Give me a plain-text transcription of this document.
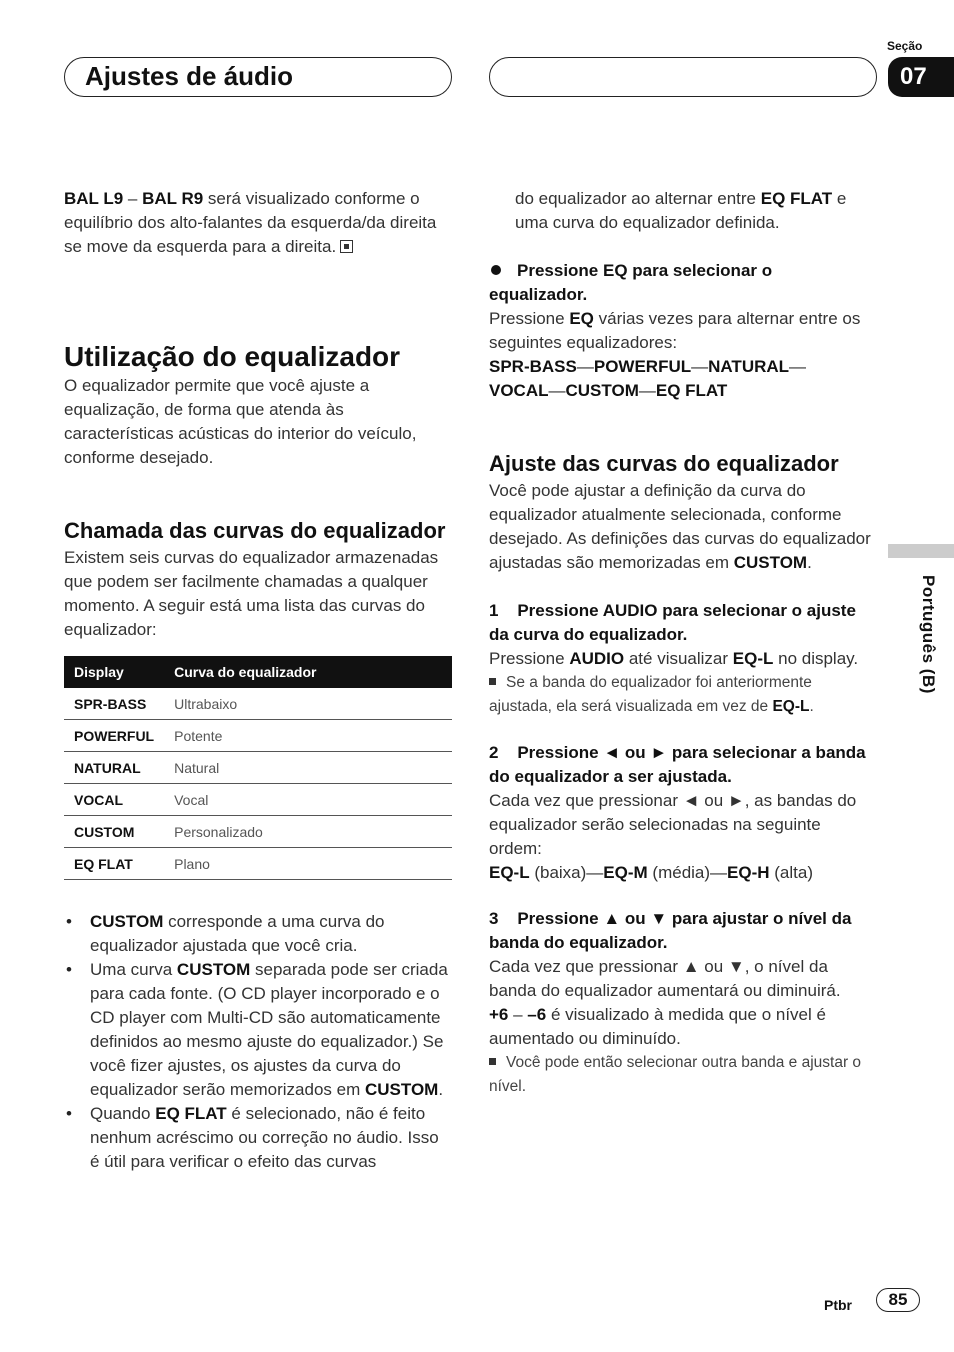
Ajustes de áudio
Seção
07
Português (B)

BAL L9 – BAL R9 será visualizado conforme o equilíbrio dos alto-falantes da esquerda/da direita se move da esquerda para a direita.

Utilização do equalizador

O equalizador permite que você ajuste a equalização, de forma que atenda às características acústicas do interior do veículo, conforme desejado.

Chamada das curvas do equalizador

Existem seis curvas do equalizador armazenadas que podem ser facilmente chamadas a qualquer momento. A seguir está uma lista das curvas do equalizador:

Display	Curva do equalizador
SPR-BASS	Ultrabaixo
POWERFUL	Potente
NATURAL	Natural
VOCAL	Vocal
CUSTOM	Personalizado
EQ FLAT	Plano
• CUSTOM corresponde a uma curva do equalizador ajustada que você cria.
• Uma curva CUSTOM separada pode ser criada para cada fonte. (O CD player incorporado e o CD player com Multi-CD são automaticamente definidos ao mesmo ajuste do equalizador.) Se você fizer ajustes, os ajustes da curva do equalizador serão memorizados em CUSTOM.
• Quando EQ FLAT é selecionado, não é feito nenhum acréscimo ou correção no áudio. Isso é útil para verificar o efeito das curvas

do equalizador ao alternar entre EQ FLAT e uma curva do equalizador definida.

Pressione EQ para selecionar o equalizador.

Pressione EQ várias vezes para alternar entre os seguintes equalizadores:

SPR-BASS—POWERFUL—NATURAL—
VOCAL—CUSTOM—EQ FLAT

Ajuste das curvas do equalizador

Você pode ajustar a definição da curva do equalizador atualmente selecionada, conforme desejado. As definições das curvas do equalizador ajustadas são memorizadas em CUSTOM.

1    Pressione AUDIO para selecionar o ajuste da curva do equalizador.

Pressione AUDIO até visualizar EQ-L no display.

Se a banda do equalizador foi anteriormente ajustada, ela será visualizada em vez de EQ-L.

2    Pressione ◄ ou ► para selecionar a banda do equalizador a ser ajustada.

Cada vez que pressionar ◄ ou ►, as bandas do equalizador serão selecionadas na seguinte ordem:

EQ-L (baixa)—EQ-M (média)—EQ-H (alta)

3    Pressione ▲ ou ▼ para ajustar o nível da banda do equalizador.

Cada vez que pressionar ▲ ou ▼, o nível da banda do equalizador aumentará ou diminuirá.

+6 – –6 é visualizado à medida que o nível é aumentado ou diminuído.

Você pode então selecionar outra banda e ajustar o nível.

Ptbr	85
